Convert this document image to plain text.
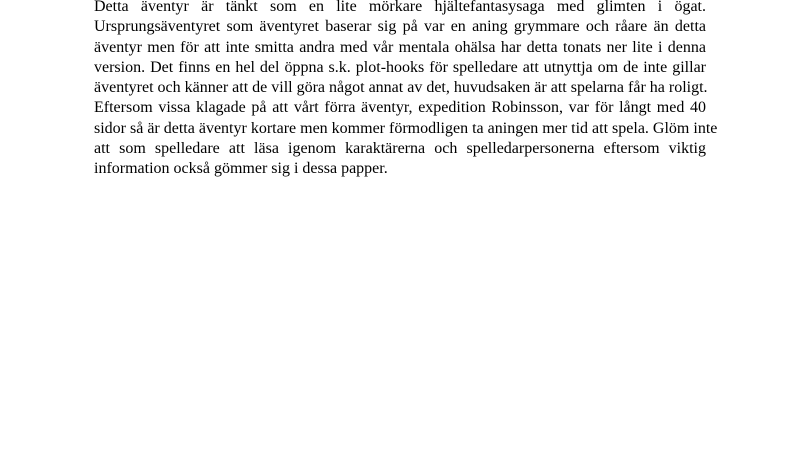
Detta äventyr är tänkt som en lite mörkare hjältefantasysaga med glimten i ögat.
Ursprungsäventyret som äventyret baserar sig på var en aning grymmare och råare än detta
äventyr men för att inte smitta andra med vår mentala ohälsa har detta tonats ner lite i denna
version. Det finns en hel del öppna s.k. plot-hooks för spelledare att utnyttja om de inte gillar
äventyret och känner att de vill göra något annat av det, huvudsaken är att spelarna får ha roligt.
Eftersom vissa klagade på att vårt förra äventyr, expedition Robinsson, var för långt med 40
sidor så är detta äventyr kortare men kommer förmodligen ta aningen mer tid att spela. Glöm inte
att som spelledare att läsa igenom karaktärerna och spelledarpersonerna eftersom viktig
information också gömmer sig i dessa papper.
